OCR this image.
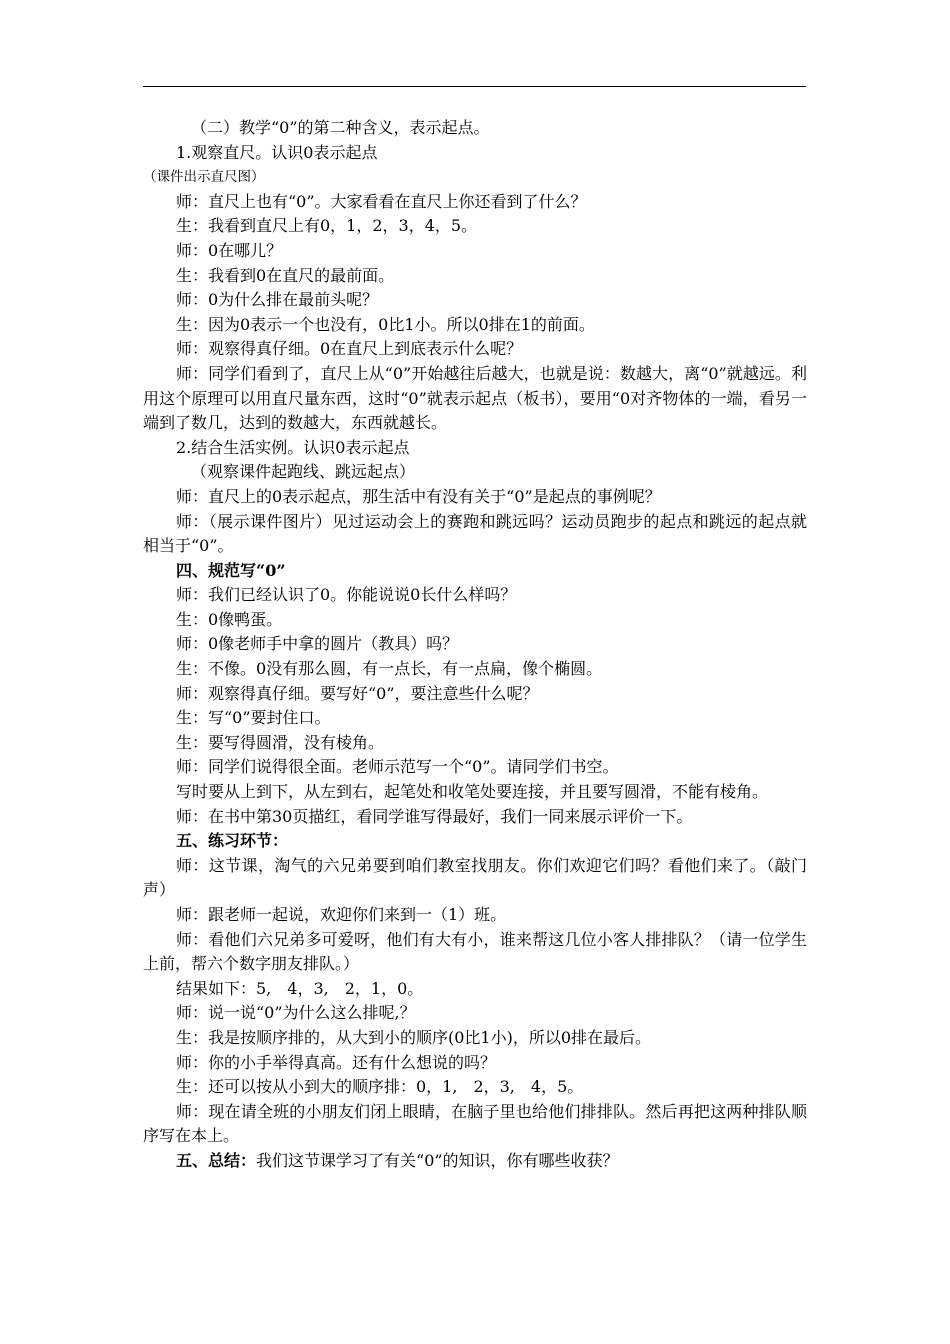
（二）教学“0”的第二种含义，表示起点。
1.观察直尺。认识0表示起点
（课件出示直尺图）
师：直尺上也有“0”。大家看看在直尺上你还看到了什么？
生：我看到直尺上有0，1，2，3，4，5。
师：0在哪儿？
生：我看到0在直尺的最前面。
师：0为什么排在最前头呢？
生：因为0表示一个也没有，0比1小。所以0排在1的前面。
师：观察得真仔细。0在直尺上到底表示什么呢？
师：同学们看到了，直尺上从“0”开始越往后越大，也就是说：数越大，离“0”就越远。利用这个原理可以用直尺量东西，这时“0”就表示起点（板书），要用“0对齐物体的一端，看另一端到了数几，达到的数越大，东西就越长。
2.结合生活实例。认识0表示起点
（观察课件起跑线、跳远起点）
师：直尺上的0表示起点，那生活中有没有关于“0”是起点的事例呢？
师：（展示课件图片）见过运动会上的赛跑和跳远吗？运动员跑步的起点和跳远的起点就相当于“0”。
四、规范写“0”
师：我们已经认识了0。你能说说0长什么样吗？
生：0像鸭蛋。
师：0像老师手中拿的圆片（教具）吗？
生：不像。0没有那么圆，有一点长，有一点扁，像个椭圆。
师：观察得真仔细。要写好“0”，要注意些什么呢？
生：写“0”要封住口。
生：要写得圆滑，没有棱角。
师：同学们说得很全面。老师示范写一个“0”。请同学们书空。
写时要从上到下，从左到右，起笔处和收笔处要连接，并且要写圆滑，不能有棱角。
师：在书中第30页描红，看同学谁写得最好，我们一同来展示评价一下。
五、练习环节：
师：这节课，淘气的六兄弟要到咱们教室找朋友。你们欢迎它们吗？看他们来了。（敲门声）
师：跟老师一起说，欢迎你们来到一（1）班。
师：看他们六兄弟多可爱呀，他们有大有小，谁来帮这几位小客人排排队？（请一位学生上前，帮六个数字朋友排队。）
结果如下：5,　4，3,　2，1，0。
师：说一说“0”为什么这么排呢,？
生：我是按顺序排的，从大到小的顺序(0比1小)，所以0排在最后。
师：你的小手举得真高。还有什么想说的吗？
生：还可以按从小到大的顺序排：0，1,　2，3,　4，5。
师：现在请全班的小朋友们闭上眼睛，在脑子里也给他们排排队。然后再把这两种排队顺序写在本上。
五、总结：我们这节课学习了有关“0”的知识，你有哪些收获？
